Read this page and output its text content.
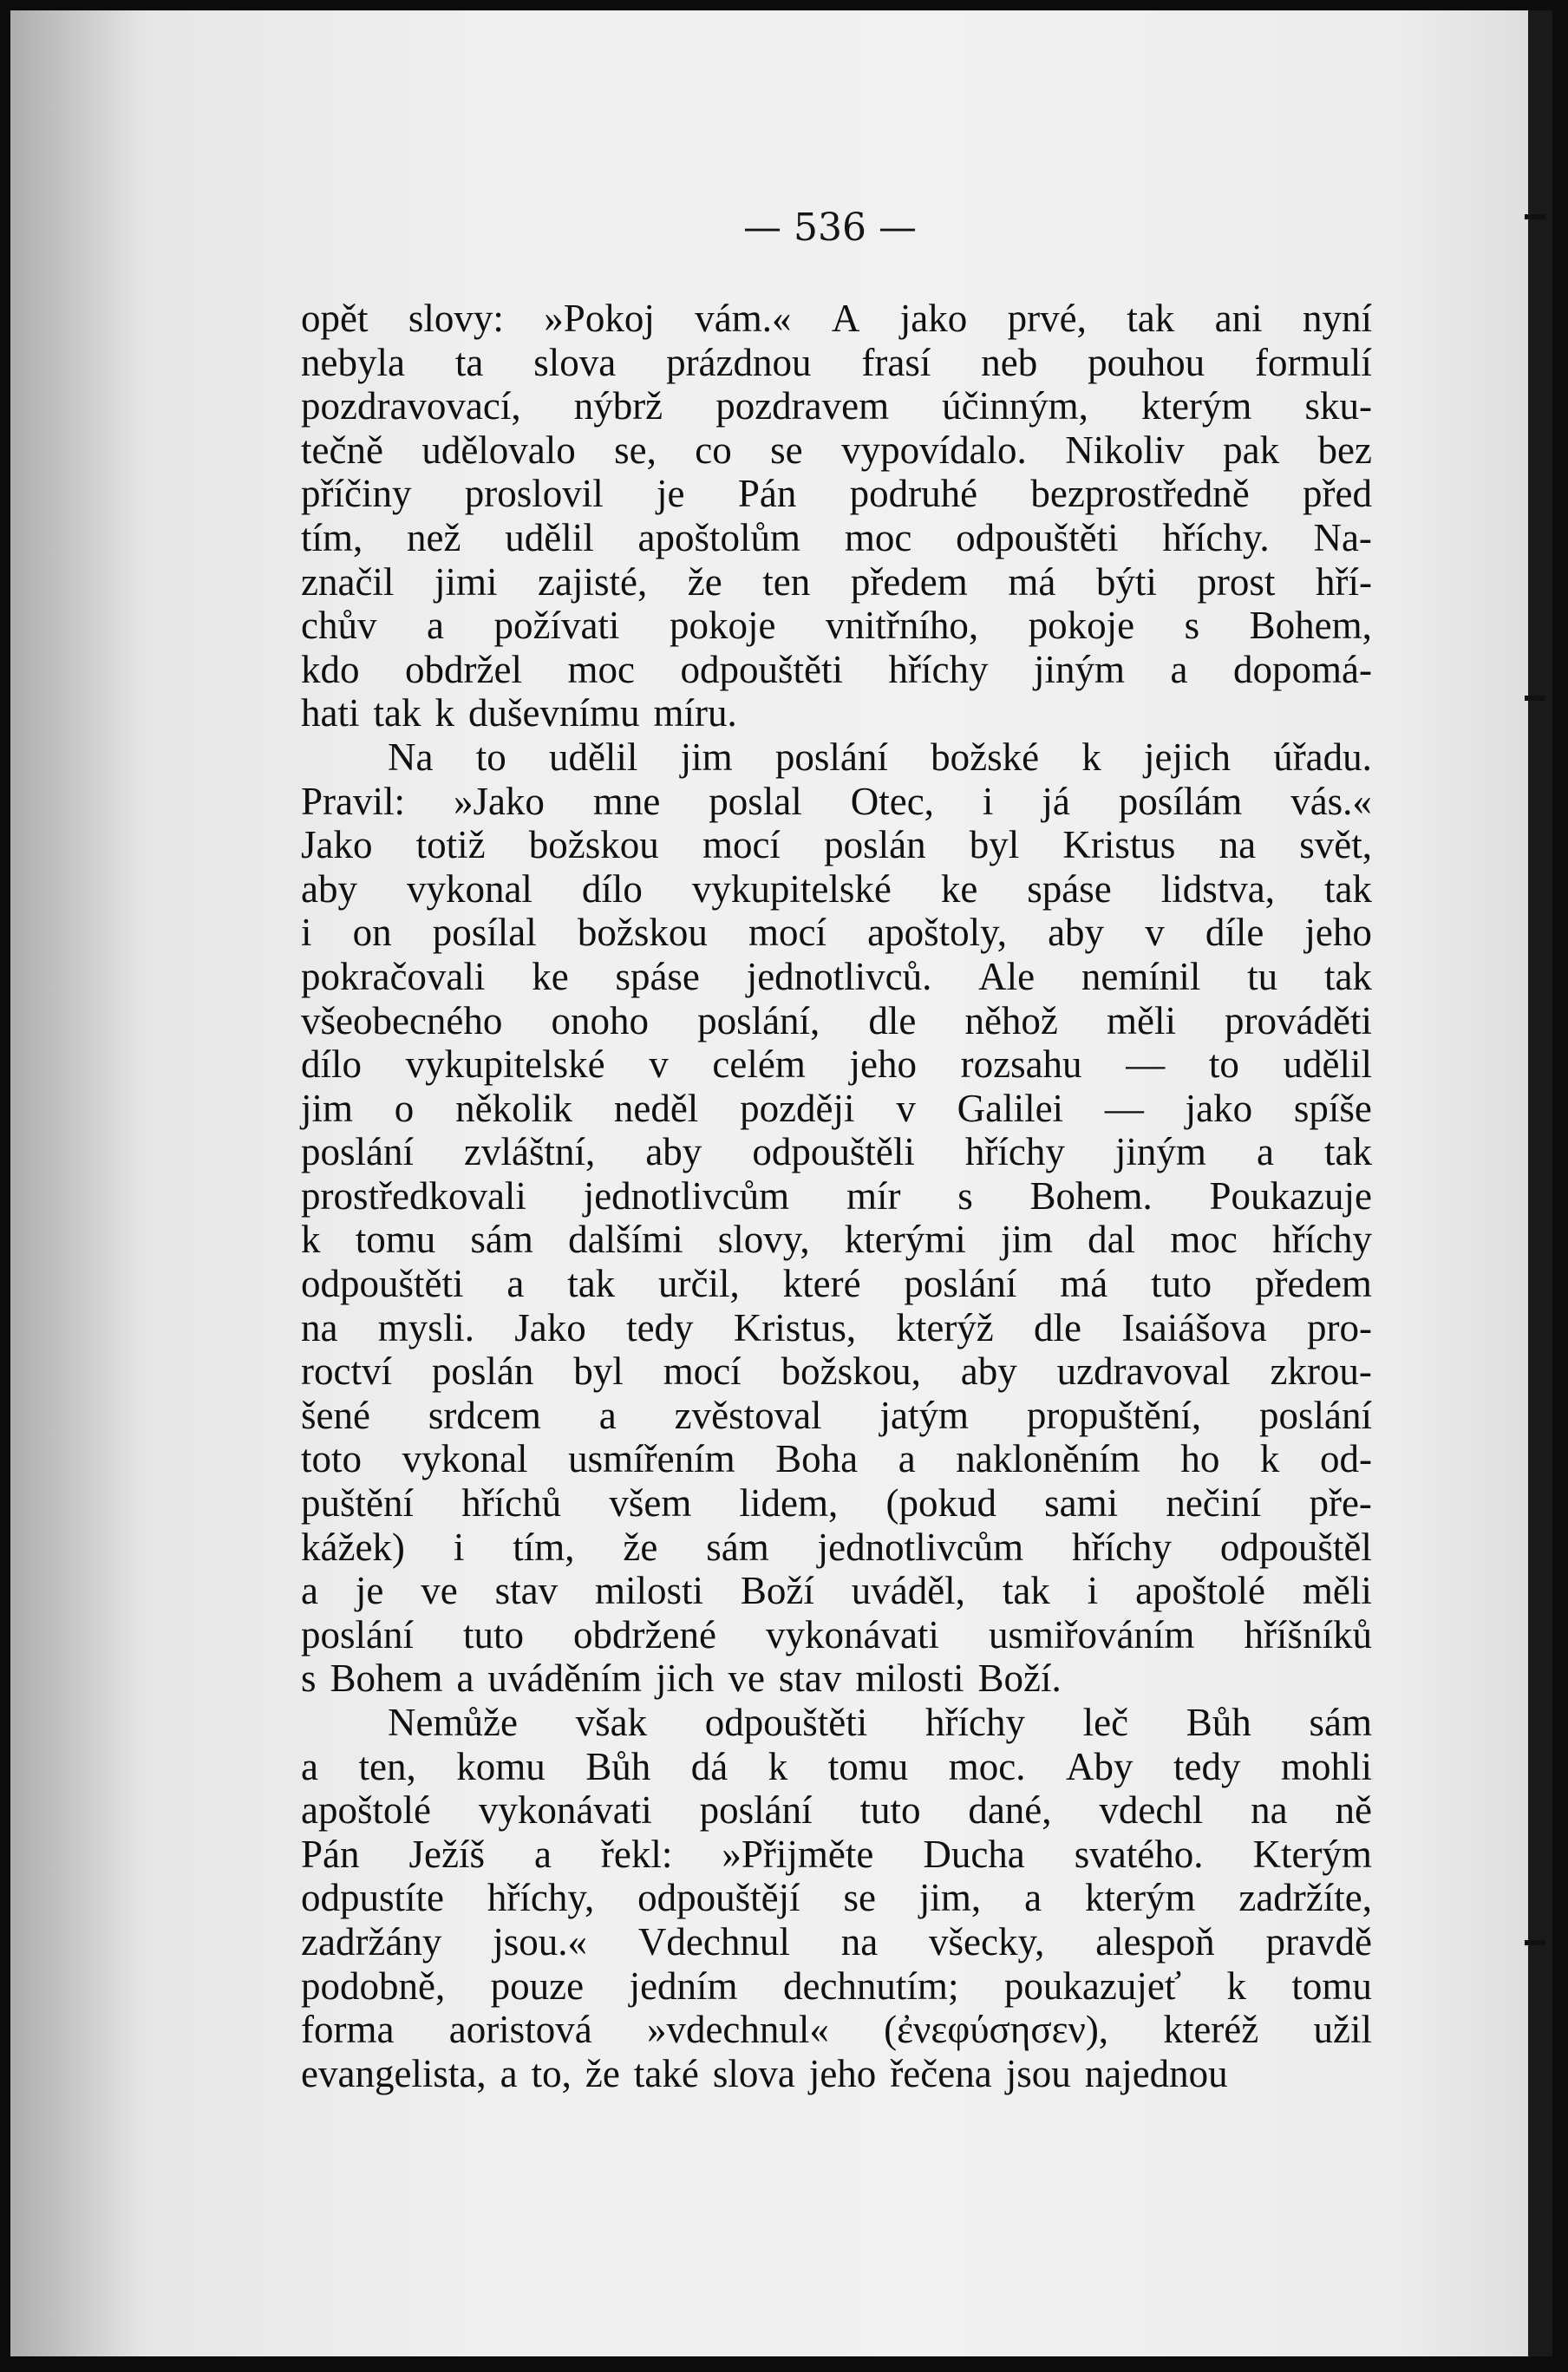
— 536 —
opět slovy: »Pokoj vám.« A jako prvé, tak ani nyní
nebyla ta slova prázdnou frasí neb pouhou formulí
pozdravovací, nýbrž pozdravem účinným, kterým sku-
tečně udělovalo se, co se vypovídalo. Nikoliv pak bez
příčiny proslovil je Pán podruhé bezprostředně před
tím, než udělil apoštolům moc odpouštěti hříchy. Na-
značil jimi zajisté, že ten předem má býti prost hří-
chův a požívati pokoje vnitřního, pokoje s Bohem,
kdo obdržel moc odpouštěti hříchy jiným a dopomá-
hati tak k duševnímu míru.
Na to udělil jim poslání božské k jejich úřadu.
Pravil: »Jako mne poslal Otec, i já posílám vás.«
Jako totiž božskou mocí poslán byl Kristus na svět,
aby vykonal dílo vykupitelské ke spáse lidstva, tak
i on posílal božskou mocí apoštoly, aby v díle jeho
pokračovali ke spáse jednotlivců. Ale nemínil tu tak
všeobecného onoho poslání, dle něhož měli prováděti
dílo vykupitelské v celém jeho rozsahu — to udělil
jim o několik neděl později v Galilei — jako spíše
poslání zvláštní, aby odpouštěli hříchy jiným a tak
prostředkovali jednotlivcům mír s Bohem. Poukazuje
k tomu sám dalšími slovy, kterými jim dal moc hříchy
odpouštěti a tak určil, které poslání má tuto předem
na mysli. Jako tedy Kristus, kterýž dle Isaiášova pro-
roctví poslán byl mocí božskou, aby uzdravoval zkrou-
šené srdcem a zvěstoval jatým propuštění, poslání
toto vykonal usmířením Boha a nakloněním ho k od-
puštění hříchů všem lidem, (pokud sami nečiní pře-
kážek) i tím, že sám jednotlivcům hříchy odpouštěl
a je ve stav milosti Boží uváděl, tak i apoštolé měli
poslání tuto obdržené vykonávati usmiřováním hříšníků
s Bohem a uváděním jich ve stav milosti Boží.
Nemůže však odpouštěti hříchy leč Bůh sám
a ten, komu Bůh dá k tomu moc. Aby tedy mohli
apoštolé vykonávati poslání tuto dané, vdechl na ně
Pán Ježíš a řekl: »Přijměte Ducha svatého. Kterým
odpustíte hříchy, odpouštějí se jim, a kterým zadržíte,
zadržány jsou.« Vdechnul na všecky, alespoň pravdě
podobně, pouze jedním dechnutím; poukazujeť k tomu
forma aoristová »vdechnul« (ἐνεφύσησεν), kteréž užil
evangelista, a to, že také slova jeho řečena jsou najednou
